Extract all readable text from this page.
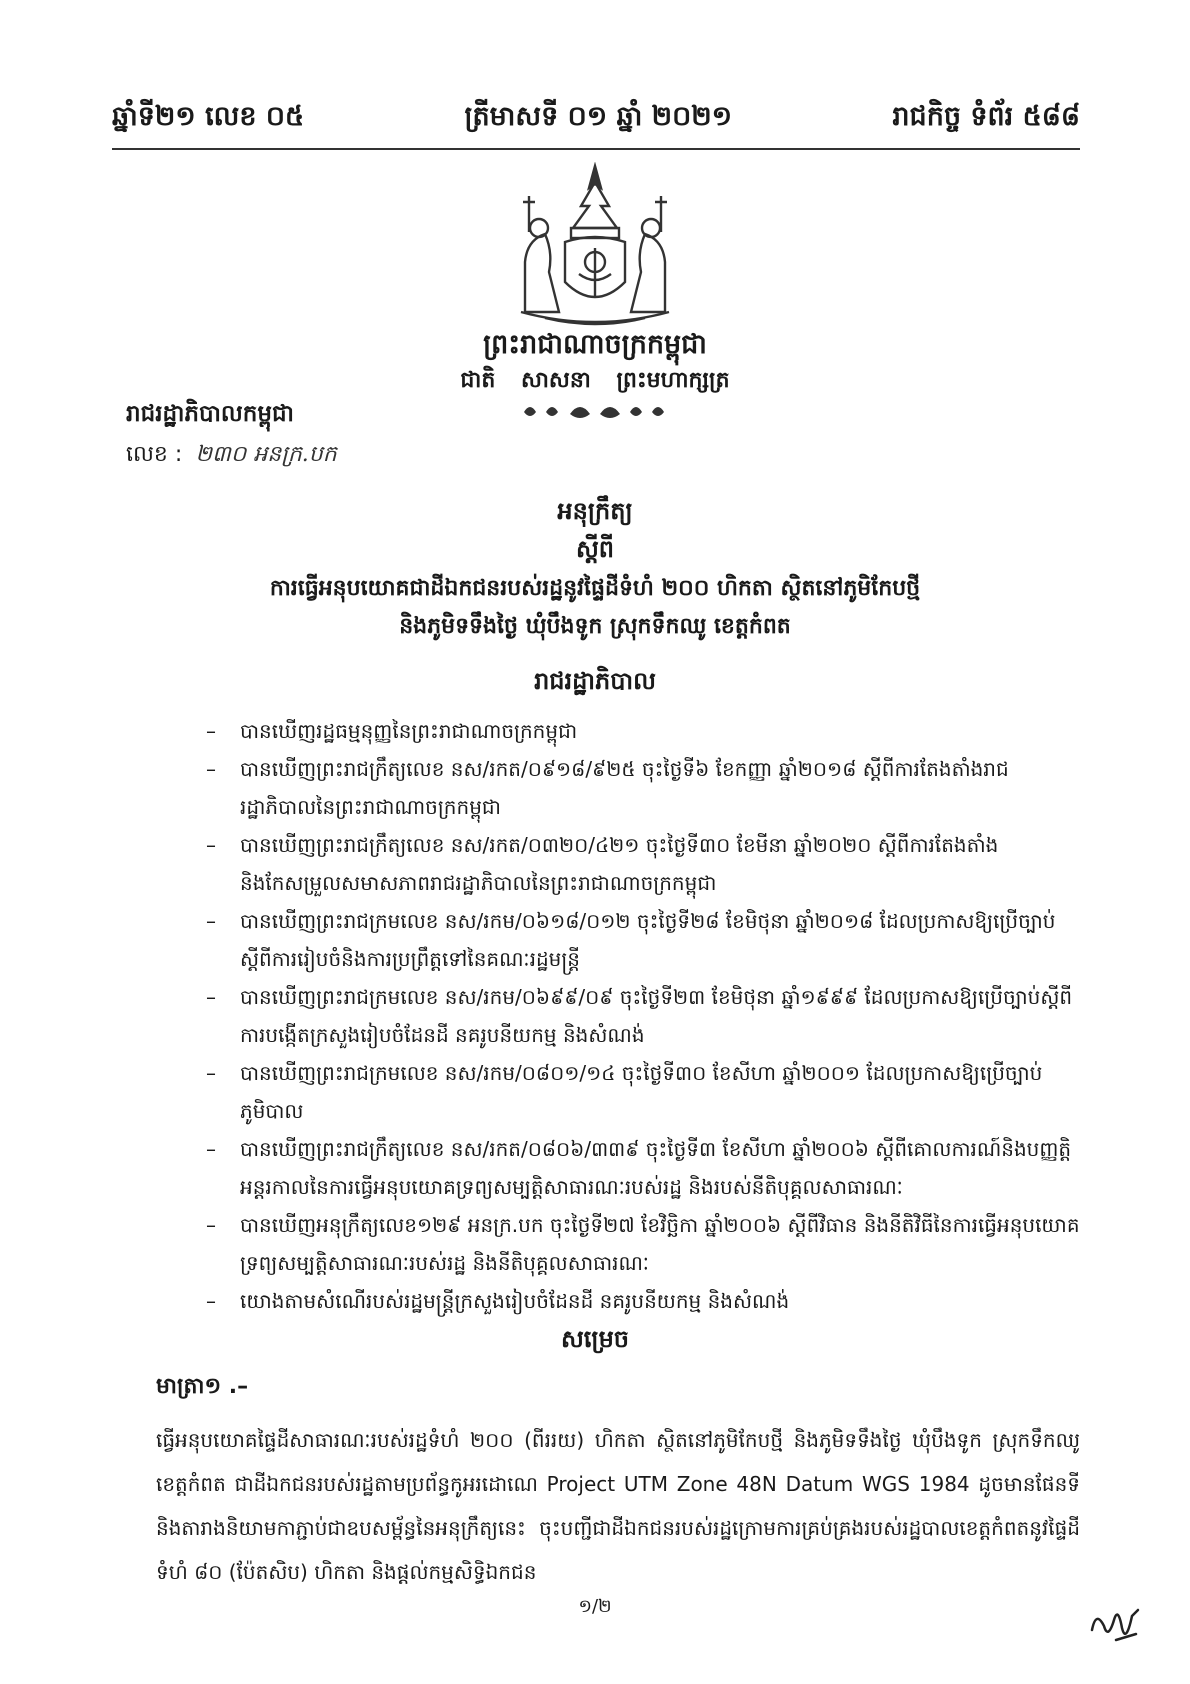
ឆ្នាំទី២១ លេខ ០៥	ត្រីមាសទី ០១ ឆ្នាំ ២០២១	រាជកិច្ច ទំព័រ ៥៨៨
ព្រះរាជាណាចក្រកម្ពុជា
ជាតិ សាសនា ព្រះមហាក្សត្រ
រាជរដ្ឋាភិបាលកម្ពុជា
លេខ : ២៣០ អនក្រ.បក
អនុក្រឹត្យ
ស្ដីពី
ការធ្វើអនុបយោគជាដីឯកជនរបស់រដ្ឋនូវផ្ទៃដីទំហំ ២០០ ហិកតា ស្ថិតនៅភូមិកែបថ្មី
និងភូមិទទឹងថ្ងៃ ឃុំបឹងទូក ស្រុកទឹកឈូ ខេត្តកំពត
រាជរដ្ឋាភិបាល
–	បានឃើញរដ្ឋធម្មនុញ្ញនៃព្រះរាជាណាចក្រកម្ពុជា
–	បានឃើញព្រះរាជក្រឹត្យលេខ នស/រកត/០៩១៨/៩២៥ ចុះថ្ងៃទី៦ ខែកញ្ញា ឆ្នាំ២០១៨ ស្ដីពីការតែងតាំងរាជរដ្ឋាភិបាលនៃព្រះរាជាណាចក្រកម្ពុជា
–	បានឃើញព្រះរាជក្រឹត្យលេខ នស/រកត/០៣២០/៤២១ ចុះថ្ងៃទី៣០ ខែមីនា ឆ្នាំ២០២០ ស្ដីពីការតែងតាំងនិងកែសម្រួលសមាសភាពរាជរដ្ឋាភិបាលនៃព្រះរាជាណាចក្រកម្ពុជា
–	បានឃើញព្រះរាជក្រមលេខ នស/រកម/០៦១៨/០១២ ចុះថ្ងៃទី២៨ ខែមិថុនា ឆ្នាំ២០១៨ ដែលប្រកាសឱ្យប្រើច្បាប់ស្ដីពីការរៀបចំនិងការប្រព្រឹត្តទៅនៃគណៈរដ្ឋមន្ត្រី
–	បានឃើញព្រះរាជក្រមលេខ នស/រកម/០៦៩៩/០៩ ចុះថ្ងៃទី២៣ ខែមិថុនា ឆ្នាំ១៩៩៩ ដែលប្រកាសឱ្យប្រើច្បាប់ស្ដីពីការបង្កើតក្រសួងរៀបចំដែនដី នគរូបនីយកម្ម និងសំណង់
–	បានឃើញព្រះរាជក្រមលេខ នស/រកម/០៨០១/១៤ ចុះថ្ងៃទី៣០ ខែសីហា ឆ្នាំ២០០១ ដែលប្រកាសឱ្យប្រើច្បាប់ភូមិបាល
–	បានឃើញព្រះរាជក្រឹត្យលេខ នស/រកត/០៨០៦/៣៣៩ ចុះថ្ងៃទី៣ ខែសីហា ឆ្នាំ២០០៦ ស្ដីពីគោលការណ៍និងបញ្ញត្តិអន្តរកាលនៃការធ្វើអនុបយោគទ្រព្យសម្បត្តិសាធារណៈរបស់រដ្ឋ និងរបស់នីតិបុគ្គលសាធារណៈ
–	បានឃើញអនុក្រឹត្យលេខ១២៩ អនក្រ.បក ចុះថ្ងៃទី២៧ ខែវិច្ឆិកា ឆ្នាំ២០០៦ ស្ដីពីវិធាន និងនីតិវិធីនៃការធ្វើអនុបយោគទ្រព្យសម្បត្តិសាធារណៈរបស់រដ្ឋ និងនីតិបុគ្គលសាធារណៈ
–	យោងតាមសំណើរបស់រដ្ឋមន្ត្រីក្រសួងរៀបចំដែនដី នគរូបនីយកម្ម និងសំណង់
សម្រេច
មាត្រា១ .–
ធ្វើអនុបយោគផ្ទៃដីសាធារណៈរបស់រដ្ឋទំហំ ២០០ (ពីររយ) ហិកតា ស្ថិតនៅភូមិកែបថ្មី និងភូមិទទឹងថ្ងៃ ឃុំបឹងទូក ស្រុកទឹកឈូ ខេត្តកំពត ជាដីឯកជនរបស់រដ្ឋតាមប្រព័ន្ធកូអរដោណេ Project UTM Zone 48N Datum WGS 1984 ដូចមានផែនទី និងតារាងនិយាមកាភ្ជាប់ជាឧបសម្ព័ន្ធនៃអនុក្រឹត្យនេះ ចុះបញ្ជីជាដីឯកជនរបស់រដ្ឋក្រោមការគ្រប់គ្រងរបស់រដ្ឋបាលខេត្តកំពតនូវផ្ទៃដី ទំហំ ៨០ (ប៉ែតសិប) ហិកតា និងផ្ដល់កម្មសិទ្ធិឯកជន
១/២
